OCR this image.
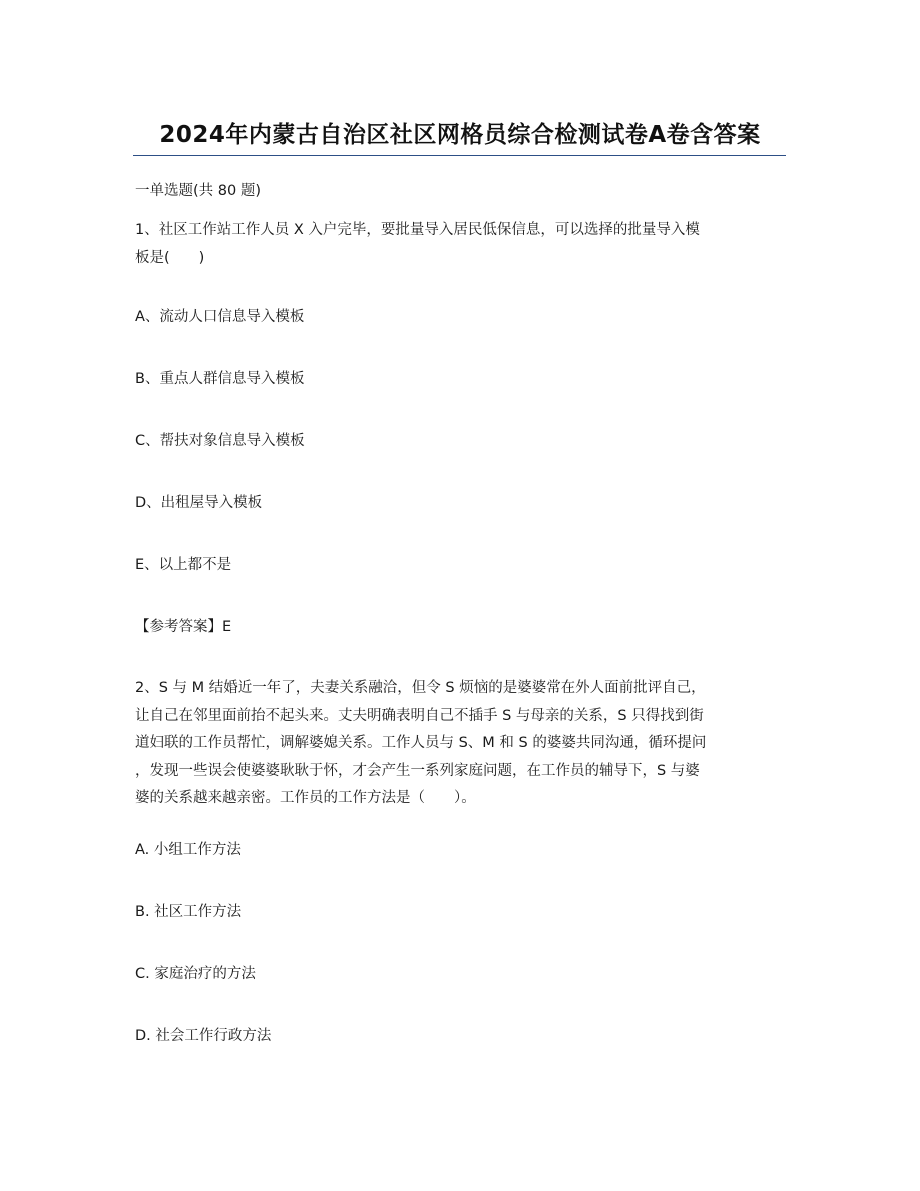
2024年内蒙古自治区社区网格员综合检测试卷A卷含答案
一单选题(共 80 题)
1、社区工作站工作人员 X 入户完毕，要批量导入居民低保信息，可以选择的批量导入模
板是(　　)
A、流动人口信息导入模板
B、重点人群信息导入模板
C、帮扶对象信息导入模板
D、出租屋导入模板
E、以上都不是
【参考答案】E
2、S 与 M 结婚近一年了，夫妻关系融洽，但令 S 烦恼的是婆婆常在外人面前批评自己，
让自己在邻里面前抬不起头来。丈夫明确表明自己不插手 S 与母亲的关系，S 只得找到街
道妇联的工作员帮忙，调解婆媳关系。工作人员与 S、M 和 S 的婆婆共同沟通，循环提问
，发现一些误会使婆婆耿耿于怀，才会产生一系列家庭问题，在工作员的辅导下，S 与婆
婆的关系越来越亲密。工作员的工作方法是（　　）。
A. 小组工作方法
B. 社区工作方法
C. 家庭治疗的方法
D. 社会工作行政方法
